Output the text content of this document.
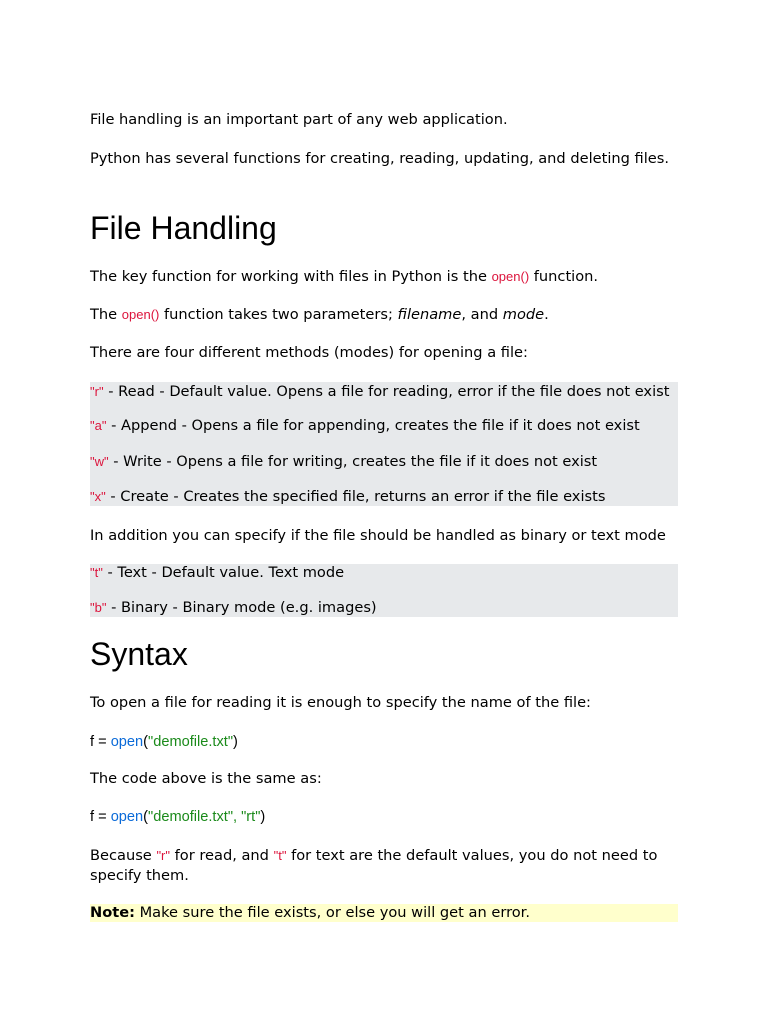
File handling is an important part of any web application.

Python has several functions for creating, reading, updating, and deleting files.

File Handling

The key function for working with files in Python is the open() function.

The open() function takes two parameters; filename, and mode.

There are four different methods (modes) for opening a file:

"r" - Read - Default value. Opens a file for reading, error if the file does not exist
"a" - Append - Opens a file for appending, creates the file if it does not exist
"w" - Write - Opens a file for writing, creates the file if it does not exist
"x" - Create - Creates the specified file, returns an error if the file exists

In addition you can specify if the file should be handled as binary or text mode

"t" - Text - Default value. Text mode
"b" - Binary - Binary mode (e.g. images)
Syntax

To open a file for reading it is enough to specify the name of the file:

f = open("demofile.txt")

The code above is the same as:

f = open("demofile.txt", "rt")

Because "r" for read, and "t" for text are the default values, you do not need to specify them.

Note: Make sure the file exists, or else you will get an error.
